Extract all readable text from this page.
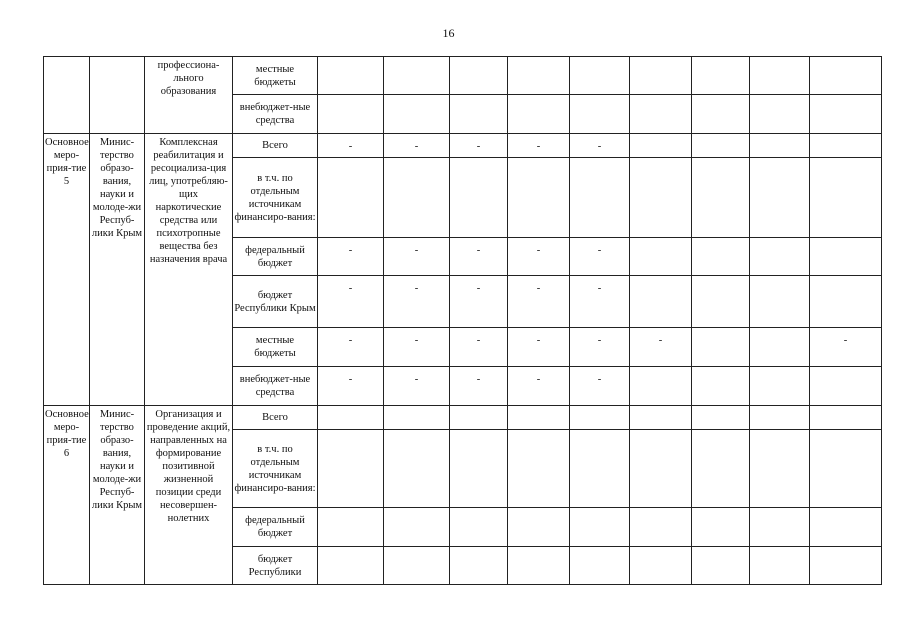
16
		профессиона-льного образования	местные бюджеты									
			внебюджет-ные средства									
Основное меро-прия-тие 5	Минис-терство образо-вания, науки и молоде-жи Респуб-лики Крым	Комплексная реабилитация и ресоциализа-ция лиц, употребляю-щих наркотические средства или психотропные вещества без назначения врача	Всего	-	-	-	-	-				
			в т.ч. по отдельным источникам финансиро-вания:									
			федеральный бюджет	-	-	-	-	-				
			бюджет Республики Крым	-	-	-	-	-				
			местные бюджеты	-	-	-	-	-	-			-
			внебюджет-ные средства	-	-	-	-	-				
Основное меро-прия-тие 6	Минис-терство образо-вания, науки и молоде-жи Респуб-лики Крым	Организация и проведение акций, направленных на формирование позитивной жизненной позиции среди несовершен-нолетних	Всего									
			в т.ч. по отдельным источникам финансиро-вания:									
			федеральный бюджет									
			бюджет Республики									
